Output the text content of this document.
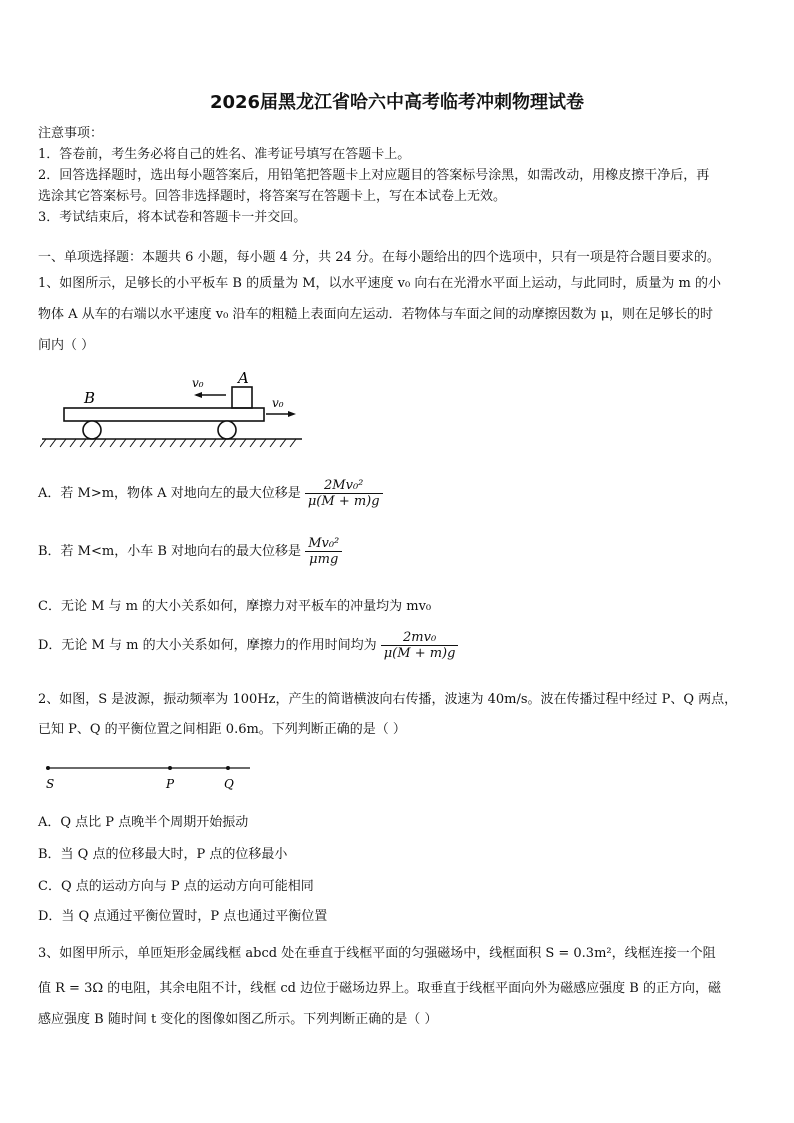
2026届黑龙江省哈六中高考临考冲刺物理试卷
注意事项：
1．答卷前，考生务必将自己的姓名、准考证号填写在答题卡上。
2．回答选择题时，选出每小题答案后，用铅笔把答题卡上对应题目的答案标号涂黑，如需改动，用橡皮擦干净后，再
选涂其它答案标号。回答非选择题时，将答案写在答题卡上，写在本试卷上无效。
3．考试结束后，将本试卷和答题卡一并交回。
一、单项选择题：本题共 6 小题，每小题 4 分，共 24 分。在每小题给出的四个选项中，只有一项是符合题目要求的。
1、如图所示，足够长的小平板车 B 的质量为 M，以水平速度 v₀ 向右在光滑水平面上运动，与此同时，质量为 m 的小
物体 A 从车的右端以水平速度 v₀ 沿车的粗糙上表面向左运动．若物体与车面之间的动摩擦因数为 μ，则在足够长的时
间内（ ）
A
B
v₀
v₀
A．若 M>m，物体 A 对地向左的最大位移是 $\frac{\text{2Mv₀²}}{\mu(M + m)g}$
B．若 M<m，小车 B 对地向右的最大位移是 $\frac{\text{Mv₀²}}{\text{μmg}}$
C．无论 M 与 m 的大小关系如何，摩擦力对平板车的冲量均为 mv₀
D．无论 M 与 m 的大小关系如何，摩擦力的作用时间均为 $\frac{\text{2mv₀}}{\mu(M + m)g}$
2、如图，S 是波源，振动频率为 100Hz，产生的简谐横波向右传播，波速为 40m/s。波在传播过程中经过 P、Q 两点，
已知 P、Q 的平衡位置之间相距 0.6m。下列判断正确的是（ ）
S	P	Q
A．Q 点比 P 点晚半个周期开始振动
B．当 Q 点的位移最大时，P 点的位移最小
C．Q 点的运动方向与 P 点的运动方向可能相同
D．当 Q 点通过平衡位置时，P 点也通过平衡位置
3、如图甲所示，单匝矩形金属线框 abcd 处在垂直于线框平面的匀强磁场中，线框面积 S = 0.3m²，线框连接一个阻
值 R = 3Ω 的电阻，其余电阻不计，线框 cd 边位于磁场边界上。取垂直于线框平面向外为磁感应强度 B 的正方向，磁
感应强度 B 随时间 t 变化的图像如图乙所示。下列判断正确的是（ ）
